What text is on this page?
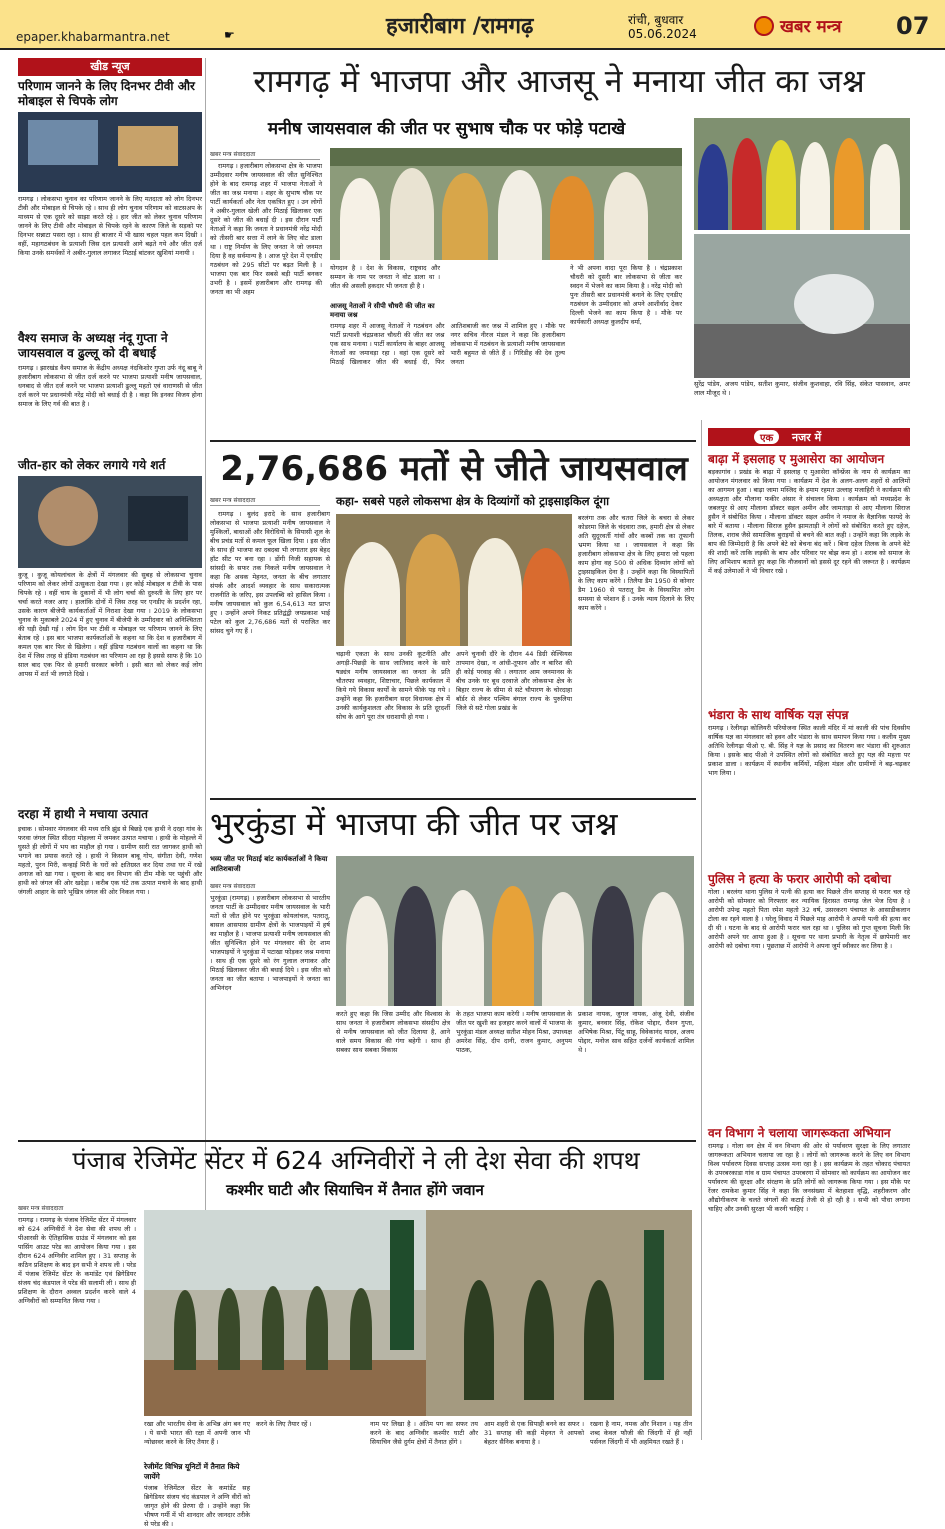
epaper.khabarmantra.net	☛	हजारीबाग /रामगढ़	रांची, बुधवार
05.06.2024	खबर मन्त्र 07
खीड न्यूज
परिणाम जानने के लिए दिनभर टीवी और मोबाइल से चिपके लोग
रामगढ़ । लोकसभा चुनाव का परिणाम जानने के लिए मतदाता को लोग दिनभर टीवी और मोबाइल से चिपके रहे । साथ ही लोग चुनाव परिणाम को वाटसअप के माध्यम से एक दूसरे को साझा करते रहे । हार जीत को लेकर चुनाव परिणाम जानने के लिए टीवी और मोबाइल से चिपके रहने के कारण जिले के सड़को पर दिनभर सन्नाटा पसरा रहा । साथ ही बाजार में भी खास चहल पहल कम दिखी । वहीं, महागठबंधन के प्रत्याशी जिस दल प्रत्याशी आगे बढ़ते गये और जीत दर्ज किया उनके समर्थकों ने अबीर-गुलाल लगाकर मिठाई बांटकर खुशियां मनायी ।
वैश्य समाज के अध्यक्ष नंदू गुप्ता ने जायसवाल व ढुल्लू को दी बधाई
रामगढ़ । झारखंड वैश्य समाज के केंद्रीय अध्यक्ष नंदकिशोर गुप्ता उर्फ नंदू बाबू ने हजारीबाग लोकसभा से जीत दर्ज करने पर भाजपा प्रत्याशी मनीष जायसवाल, धनबाद से जीत दर्ज करने पर भाजपा प्रत्याशी ढुल्लू महतो एवं वाराणसी से जीत दर्ज करने पर प्रधानमंत्री नरेंद्र मोदी को बधाई दी है । कहा कि इनका विजय होना समाज के लिए गर्व की बात है ।
जीत-हार को लेकर लगाये गये शर्त
कुजू । कुजू कोयलांचल के क्षेत्रों में मंगलवार की सुबह से लोकसभा चुनाव परिणाम को लेकर लोगों उत्सुकता देखा गया । हर कोई मोबाइल व टीवी के पास चिपके रहे । वहीं चाय के दुकानों में भी लोग चर्चा की दुरुस्ती के लिए हार पर चर्चा करते नजर आए । हालांकि दोनों में जिस तरह पर एनडीए के प्रदर्शन रहा, उसके कारण बीजेपी कार्यकर्ताओं में निराशा देखा गया । 2019 के लोकसभा चुनाव के मुकाबले 2024 में हुए चुनाव में बीजेपी के उम्मीदवार को अनिश्चितता की घड़ी देखी गई । लोग दिन भर टीवी व मोबाइल पर परिणाम जानने के लिए बेताब रहे । इस बार भाजपा कार्यकर्ताओं के कहना था कि देश व हजारीबाग में कमल एक बार फिर से खिलेगा । वहीं इंडिया गठबंधन वालों का कहना था कि देश में जिस तरह से इंडिया गठबंधन का परिणाम आ रहा है इससे साफ है कि 10 साल बाद एक फिर से हमारी सरकार बनेगी । इसी बात को लेकर कई लोग आपस में शर्त भी लगाते दिखे ।
दरहा में हाथी ने मचाया उत्पात
इचाक । सोमवार मंगलवार की मध्य रात्रि झुंड से बिछड़े एक हाथी ने दरहा गांव के फरवा जंगल स्थित सीदरा मोहल्ला में जमकर उत्पात मचाया । हाथी के मोहल्ले में घुसते ही लोगों में भय का माहौल हो गया । ग्रामीण सारी रात जागकर हाथी को भगाने का प्रयास करते रहे । हाथी ने किसान बाबू गोप, संगीता देवी, गणेश महतो, पुरन मिरी, कन्हाई मिरी के घरों को क्षतिग्रस्त कर दिया तथा घर में रखे अनाज को खा गया । सूचना के बाद वन विभाग की टीम मौके पर पहुंची और हाथी को जंगल की ओर खदेड़ा । करीब एक घंटे तक उत्पात मचाने के बाद हाथी जंगली आहार के सारे भूखित्र जंगल की ओर निकल गया ।
रामगढ़ में भाजपा और आजसू ने मनाया जीत का जश्न
मनीष जायसवाल की जीत पर सुभाष चौक पर फोड़े पटाखे
खबर मन्त्र संवाददाता
रामगढ़ । हजारीबाग लोकसभा क्षेत्र के भाजपा उम्मीदवार मनीष जायसवाल की जीत सुनिश्चित होने के बाद रामगढ़ शहर में भाजपा नेताओं ने जीत का जश्न मनाया । शहर के सुभाष चौक पर पार्टी कार्यकर्ता और नेता एकत्रित हुए । उन लोगों ने अबीर-गुलाल खेली और मिठाई खिलाकर एक दूसरे को जीत की बधाई दी । इस दौरान पार्टी नेताओं ने कहा कि जनता ने प्रधानमंत्री नरेंद्र मोदी को तीसरी बार सत्ता में लाने के लिए वोट डाला था । राष्ट्र निर्माण के लिए जनता ने जो जनमत दिया है वह सर्वमान्य है । आज पूरे देश में एनडीए गठबंधन को 295 सीटों पर बढ़त मिली है । भाजपा एक बार फिर सबसे बड़ी पार्टी बनकर उभरी है । इसमें हजारीबाग और रामगढ़ की जनता का भी अहम
योगदान है । देश के विकास, राष्ट्रवाद और सम्मान के नाम पर जनता ने वोट डाला था । जीत की असली हकदार भी जनता ही है ।
आजसू नेताओं ने सीपी चौधरी की जीत का मनाया जश्न
रामगढ़ शहर में आजसू नेताओं ने गठबंधन और पार्टी प्रत्याशी चंद्रप्रकाश चौधरी की जीत का जश्न एक साथ मनाया । पार्टी कार्यालय के बाहर आजसू नेताओं का जमावड़ा रहा । वहां एक दूसरे को मिठाई खिलाकर जीत की बधाई दी, फिर आतिशबाजी कर जश्न में शामिल हुए । मौके पर नगर सचिव नीरज मंडल ने कहा कि हजारीबाग लोकसभा में गठबंधन के प्रत्याशी मनीष जायसवाल भारी बहुमत से जीते हैं । गिरिडीह की देव तुल्य जनता
ने भी अपना वादा पूरा किया है । चंद्रप्रकाश चौधरी को दूसरी बार लोकसभा से जीता कर स्वदन में भेजने का काम किया है । नरेंद्र मोदी को पुनः तीसरी बार प्रधानमंत्री बनाने के लिए एनडीए गठबंधन के उम्मीदवार को अपने आशीर्वाद देकर दिल्ली भेजने का काम किया है । मौके पर कार्यकारी अध्यक्ष कुलदीप वर्मा,
सुरेंद्र पांडेय, अजय पांडेय, सतीश कुमार, संजीव कुशवाहा, रवि सिंह, संकेत पासवान, अमर लाल मौजूद थे ।
एक	नजर में
बाढ़ा में इसलाह ए मुआसेरा का आयोजन
बड़कागांव । प्रखंड के बाढ़ा में इसलाह ए मुआसेरा कॉन्फ्रेंस के नाम से कार्यक्रम का आयोजन मंगलवार को किया गया । कार्यक्रम में देश के अलग-अलग शहरों से आलिमों का आगमन हुआ । बाढ़ा जामा मस्जिद के इमाम रहमत उल्लाह मजाहिरी ने कार्यक्रम की अध्यक्षता और मौलाना फकीर अंसार ने संचालन किया । कार्यक्रम को मध्यप्रदेश के जबलपुर से आए मौलाना डॉक्टर सइल अमीन और जामताड़ा से आए मौलाना सिराज हुसैन ने संबोधित किया । मौलाना डॉक्टर सइल अमीन ने नमाज के वैज्ञानिक फायदे के बारे में बताया । मौलाना सिराज हुसैन झामताड़ी ने लोगों को संबोधित करते हुए दहेज, तिलक, शराब जैसे सामाजिक बुराइयों से बचने की बात कही । उन्होंने कहा कि लड़के के बाप की जिम्मेदारी है कि अपने बेटे को बेचना बंद करें । बिना दहेज तिलक के अपने बेटे की शादी करें ताकि लड़की के बाप और परिवार पर बोझ कम हो । शराब को समाज के लिए अभिशाप बताते हुए कहा कि नौजवानों को इससे दूर रहने की जरूरत है । कार्यक्रम में कई उलेमाओं ने भी विचार रखे ।
भंडारा के साथ वार्षिक यज्ञ संपन्न
रामगढ़ । रेलीगढ़ा कोलियरी परियोजना स्थित काली मंदिर में मां काली की पांच दिवसीय वार्षिक यज्ञ का मंगलवार को हवन और भंडारा के साथ समापन किया गया । कलीय मुख्य अतिथि रेलीगढ़ा पीओ ए. बी. सिंह ने यज्ञ के प्रसाद का वितरण कर भंडारा की शुरुआत किया । इसके बाद पीओ ने उपस्थित लोगों को संबोधित करते हुए यज्ञ की महत्ता पर प्रकाश डाला । कार्यक्रम में स्थानीय कर्मियों, महिला मंडल और ग्रामीणों ने बढ़-चढ़कर भाग लिया ।
पुलिस ने हत्या के फरार आरोपी को दबोचा
गोला । बरलंगा थाना पुलिस ने पत्नी की हत्या कर पिछले तीन सप्ताह से फरार चल रहे आरोपी को सोमवार को गिरफ्तार कर न्यायिक हिरासत रामगढ़ जेल भेज दिया है । आरोपी उपेन्द्र महतो पिता रमेश महतो 32 वर्ष, उसरकरग पंचायत के आसाडीकलान टोला का रहने वाला है । घरेलू विवाद में पिछले माह आरोपी ने अपनी पत्नी की हत्या कर दी थी । घटना के बाद से आरोपी फरार चल रहा था । पुलिस को गुप्त सूचना मिली कि आरोपी अपने घर आया हुआ है । सूचना पर थाना प्रभारी के नेतृत्व में छापेमारी कर आरोपी को दबोचा गया । पूछताछ में आरोपी ने अपना जुर्म स्वीकार कर लिया है ।
वन विभाग ने चलाया जागरूकता अभियान
रामगढ़ । गोला वन क्षेत्र में वन विभाग की ओर से पर्यावरण सुरक्षा के लिए लगातार जागरूकता अभियान चलाया जा रहा है । लोगों को जागरूक करने के लिए वन विभाग विश्व पर्यावरण दिवस सप्ताह उत्सव मना रहा है । इस कार्यक्रम के तहत चोकाद पंचायत के उपरबरकाडा गांव व ग्राम पंचायत उपरबरगा में सोमवार को कार्यक्रम का आयोजन कर पर्यावरण की सुरक्षा और संरक्षण के प्रति लोगों को जागरूक किया गया । इस मौके पर रेंजर रामकेश कुमार सिंह ने कहा कि जनसंख्या में बेतहाशा वृद्धि, शहरीकरण और औद्योगीकरण के चलते जंगलों की कटाई तेजी से हो रही है । सभी को पौधा लगाना चाहिए और उनकी सुरक्षा भी करनी चाहिए ।
2,76,686 मतों से जीते जायसवाल
खबर मन्त्र संवाददाता	कहा- सबसे पहले लोकसभा क्षेत्र के दिव्यांगों को ट्राइसाइकिल दूंगा
रामगढ़ । बुलंद इरादे के साथ हजारीबाग लोकसभा से भाजपा प्रत्याशी मनीष जायसवाल ने मुश्किलों, बाधाओं और विरोधियों के सियासी शूल के बीच प्रचंड मतों से कमल फूल खिला दिया । इस जीत के साथ ही भाजपा का दबदबा भी लगातार इस बेहद हॉट सीट पर बना रहा । डोंगी निजी सहायक से सांसदी के सफर तक निकले मनीष जायसवाल ने कहा कि अथक मेहनत, जनता के बीच लगातार संपर्क और आदर्श व्यवहार के साथ सकारात्मक राजनीति के जरिए, इस उपलब्धि को हासिल किया । मनीष जायसवाल को कुल 6,54,613 मत प्राप्त हुए । उन्होंने अपने निकट प्रतिद्वंद्वी जयप्रकाश भाई पटेल को कुल 2,76,686 मतों से पराजित कर सांसद चुने गए हैं ।
चढ़ानी एकता के साथ उनकी कूटनीति और अगड़ी-पिछड़ी के साथ जातिवाद करने के सारे षड्यंत्र मनीष जायसवाल का जनता के प्रति चौतरफा व्यवहार, शिष्टाचार, पिछले कार्यकाल में किये गये विकास कार्यों के सामने फीके पड़ गये । उन्होंने कहा कि हजारीबाग सदर विधायक क्षेत्र में उनकी कार्यकुशलता और विकास के प्रति दूरदर्शी सोच के आगे पूरा तंत्र धराशायी हो गया ।
अपने चुनावी दौरे के दौरान 44 डिग्री सेल्सियस तापमान देखा, न आंधी-तूफान और न बारिश की ही कोई परवाह की । लगातार आम जनमानस के बीच उनके घर बूथ दरवाजे और लोकसभा क्षेत्र के बिहार राज्य के सीमा से सटे चौपारण के चोरदाहा बॉर्डर से लेकर पश्चिम बंगाल राज्य के पुरुलिया जिले से सटे गोला प्रखंड के
बरलंगा तक और चतरा जिले के बचरा से लेकर कोडरमा जिले के चंदवारा तक, हमारी क्षेत्र से लेकर अति सुदूरवर्ती गांवों और कस्बों तक का तूफानी भ्रमण किया था । जायसवाल ने कहा कि हजारीबाग लोकसभा क्षेत्र के लिए हमारा जो पहला काम होगा वह 500 से अधिक दिव्यांग लोगों को ट्राइसाइकिल देना है । उन्होंने कहा कि विस्थापितों के लिए काम करेंगे । तिलैया डैम 1950 से कोनार डैम 1960 से पतरातू डैम के विस्थापित लोग समस्या से परेशान हैं । उनके न्याय दिलाने के लिए काम करेंगे ।
भुरकुंडा में भाजपा की जीत पर जश्न
भव्य जीत पर मिठाई बांट कार्यकर्ताओं ने किया आतिशबाजी
खबर मन्त्र संवाददाता
भुरकुंडा (रामगढ़) । हजारीबाग लोकसभा से भारतीय जनता पार्टी के उम्मीदवार मनीष जायसवाल के भारी मतों से जीत होने पर भुरकुंडा कोयलांचल, पतरातू, बासल आसपास ग्रामीण क्षेत्रों के भाजपाइयों में हर्ष का माहौल है । भाजपा प्रत्याशी मनीष जायसवाल की जीत सुनिश्चित होने पर मंगलवार की देर शाम भाजपाइयों ने भुरकुंडा में पटाखा फोड़कर जश्न मनाया । साथ ही एक दूसरे को रंग गुलाल लगाकर और मिठाई खिलाकर जीत की बधाई दिये । इस जीत को जनता का जीत बताया । भाजपाइयों ने जनता का अभिनंदन
करते हुए कहा कि जिस उम्मीद और विश्वास के साथ जनता ने हजारीबाग लोकसभा संसदीय क्षेत्र से मनीष जायसवाल को जीत दिलाया है, आने वाले समय विकास की गंगा बहेगी । साथ ही सबका साथ सबका विकास
के तहत भाजपा काम करेगी । मनीष जायसवाल के जीत पर खुशी का इजहार करने वालों में भाजपा के भुरकुंडा मंडल अध्यक्ष सतीश मोहन मिश्रा, उपाध्यक्ष अमरेश सिंह, दीप दानी, राजन कुमार, अनुपम पाठक,
प्रकाश नायक, जुगल नायक, अंजू देवी, संजीव कुमार, बनवार सिंह, रॉकेश पोद्दार, रौशन गुप्ता, अभिषेक मिश्रा, पिंटू साहू, विवेकानंद यादव, अजय पोद्दार, मनोज साव सहित दर्जनों कार्यकर्ता शामिल थे ।
पंजाब रेजिमेंट सेंटर में 624 अग्निवीरों ने ली देश सेवा की शपथ
कश्मीर घाटी और सियाचिन में तैनात होंगे जवान
खबर मन्त्र संवाददाता
रामगढ़ । रामगढ़ के पंजाब रेजिमेंट सेंटर में मंगलवार को 624 अग्निवीरों ने देश सेवा की शपथ ली । पीआरसी के ऐतिहासिक ग्राउंड में मंगलवार को इस पासिंग आउट परेड का आयोजन किया गया । इस दौरान 624 अग्निवीर शामिल हुए । 31 सप्ताह के कठिन प्रशिक्षण के बाद इन सभी ने शपथ ली । परेड में पंजाब रेजिमेंट सेंटर के कमांडेंट एवं ब्रिगेडियर संजय चंद कंडपाल ने परेड की सलामी ली । साथ ही प्रशिक्षण के दौरान अव्वल प्रदर्शन करने वाले 4 अग्निवीरों को सम्मानित किया गया ।
रखा और भारतीय सेना के अभिन्न अंग बन गए । ये सभी भारत की रक्षा में अपनी जान भी न्योछावर करने के लिए तैयार हैं ।
रेजीमेंट विभिन्न यूनिटों में तैनात किये जायेंगे
पंजाब रेजिमेंटल सेंटर के कमांडेंट सह ब्रिगेडियर संजय चंद कंडपाल ने अग्नि वीरों को जागृत होने की प्रेरणा दी । उन्होंने कहा कि भीषण गर्मी में भी शानदार और जानदार तरीके से परेड की ।
करने के लिए तैयार रहें ।	नाम पर लिखा है । अंतिम पग का सफर तय करने के बाद अग्निवीर कश्मीर घाटी और सियाचिन जैसे दुर्गम क्षेत्रों में तैनात होंगे ।
आम शहरी से एक सिपाही बनने का सफर । 31 सप्ताह की कड़ी मेहनत ने आपको बेहतर सैनिक बनाया है ।
रखना है नाम, नमक और निशान । यह तीन शब्द केवल फौजी की जिंदगी में ही नहीं पर्सनल जिंदगी में भी अहमियत रखते हैं ।
